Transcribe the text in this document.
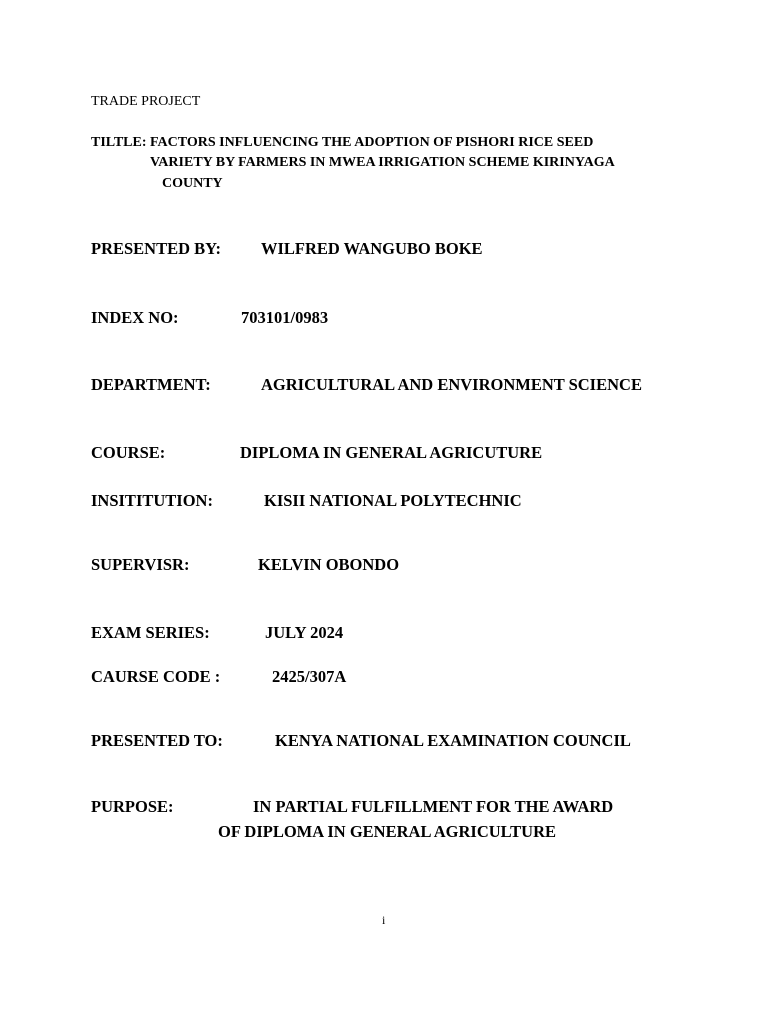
TRADE PROJECT
TILTLE: FACTORS INFLUENCING THE ADOPTION OF PISHORI RICE SEED
VARIETY BY FARMERS IN MWEA IRRIGATION SCHEME KIRINYAGA
COUNTY
PRESENTED BY: WILFRED WANGUBO BOKE
INDEX NO:	703101/0983
DEPARTMENT:	AGRICULTURAL AND ENVIRONMENT SCIENCE
COURSE:	DIPLOMA IN GENERAL AGRICUTURE
INSITITUTION:	KISII NATIONAL POLYTECHNIC
SUPERVISR:	KELVIN OBONDO
EXAM SERIES:	JULY 2024
CAURSE CODE :	2425/307A
PRESENTED TO:	KENYA NATIONAL EXAMINATION COUNCIL
PURPOSE:	IN PARTIAL FULFILLMENT FOR THE AWARD
OF DIPLOMA IN GENERAL AGRICULTURE
i
